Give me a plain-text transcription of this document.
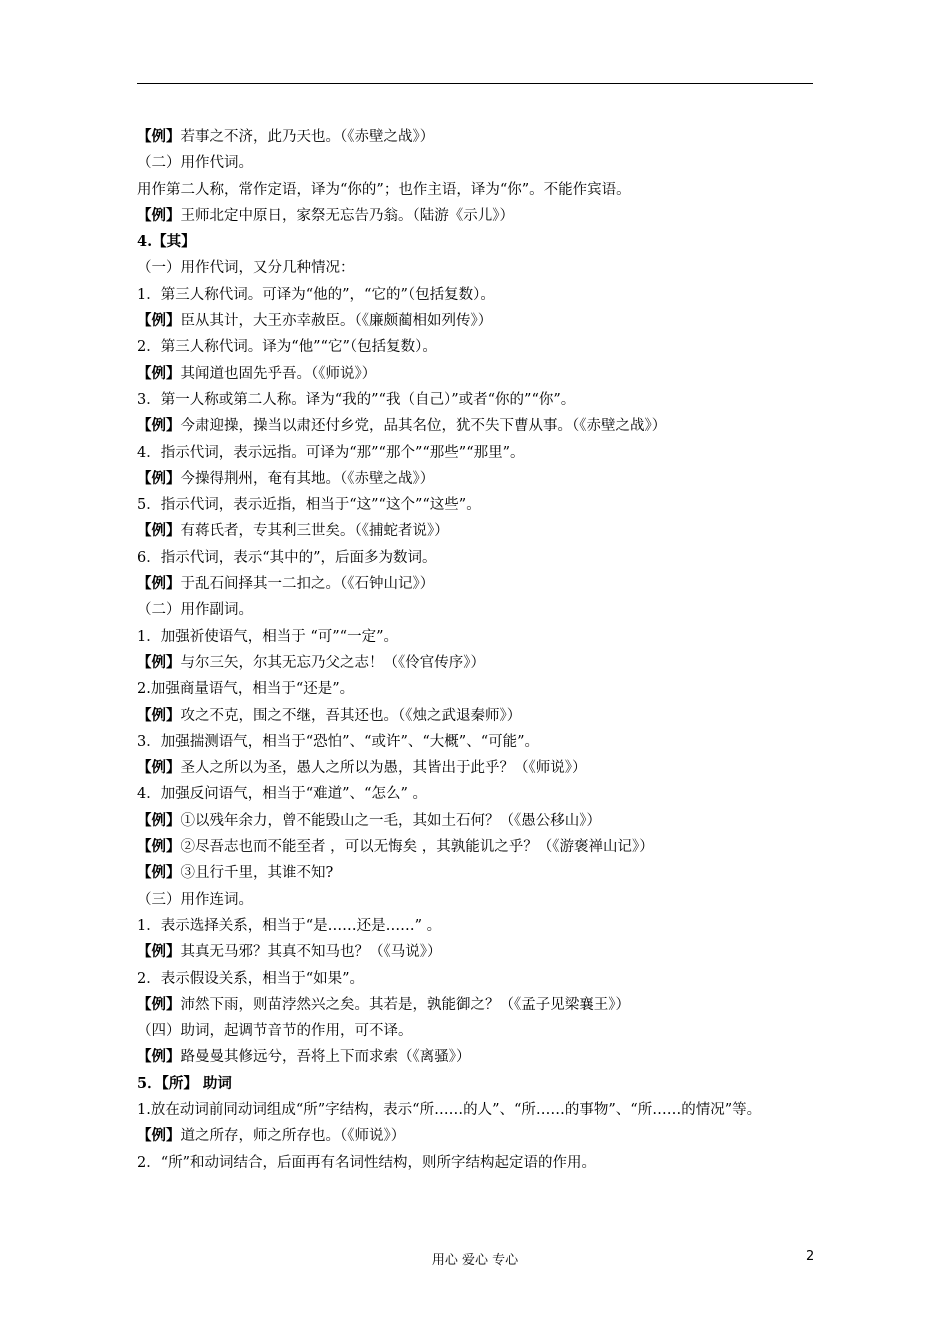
【例】若事之不济，此乃天也。（《赤壁之战》）
（二）用作代词。
用作第二人称，常作定语，译为“你的”；也作主语，译为“你”。不能作宾语。
【例】王师北定中原日，家祭无忘告乃翁。（陆游《示儿》）
4.【其】
（一）用作代词，又分几种情况：
1．第三人称代词。可译为“他的”，“它的”（包括复数）。
【例】臣从其计，大王亦幸赦臣。（《廉颇蔺相如列传》）
2．第三人称代词。译为“他”“它”（包括复数）。
【例】其闻道也固先乎吾。（《师说》）
3．第一人称或第二人称。译为“我的”“我（自己）”或者“你的”“你”。
【例】今肃迎操，操当以肃还付乡党，品其名位，犹不失下曹从事。（《赤壁之战》）
4．指示代词，表示远指。可译为“那”“那个”“那些”“那里”。
【例】今操得荆州，奄有其地。（《赤壁之战》）
5．指示代词，表示近指，相当于“这”“这个”“这些”。
【例】有蒋氏者，专其利三世矣。（《捕蛇者说》）
6．指示代词，表示“其中的”，后面多为数词。
【例】于乱石间择其一二扣之。（《石钟山记》）
（二）用作副词。
1．加强祈使语气，相当于 “可”“一定”。
【例】与尔三矢，尔其无忘乃父之志！（《伶官传序》）
2.加强商量语气，相当于“还是”。
【例】攻之不克，围之不继，吾其还也。（《烛之武退秦师》）
3．加强揣测语气，相当于“恐怕”、“或许”、“大概”、“可能”。
【例】圣人之所以为圣，愚人之所以为愚，其皆出于此乎？（《师说》）
4．加强反问语气，相当于“难道”、“怎么” 。
【例】①以残年余力，曾不能毁山之一毛，其如土石何？（《愚公移山》）
【例】②尽吾志也而不能至者 ，可以无悔矣 ，其孰能讥之乎？（《游褒禅山记》）
【例】③且行千里，其谁不知?
（三）用作连词。
1．表示选择关系，相当于“是……还是……” 。
【例】其真无马邪？其真不知马也？（《马说》）
2．表示假设关系，相当于“如果”。
【例】沛然下雨，则苗浡然兴之矣。其若是，孰能御之？（《孟子见梁襄王》）
（四）助词，起调节音节的作用，可不译。
【例】路曼曼其修远兮，吾将上下而求索（《离骚》）
5．【所】 助词
1.放在动词前同动词组成“所”字结构，表示“所……的人”、“所……的事物”、“所……的情况”等。
【例】道之所存，师之所存也。（《师说》）
2．“所”和动词结合，后面再有名词性结构，则所字结构起定语的作用。
用心 爱心 专心	2
